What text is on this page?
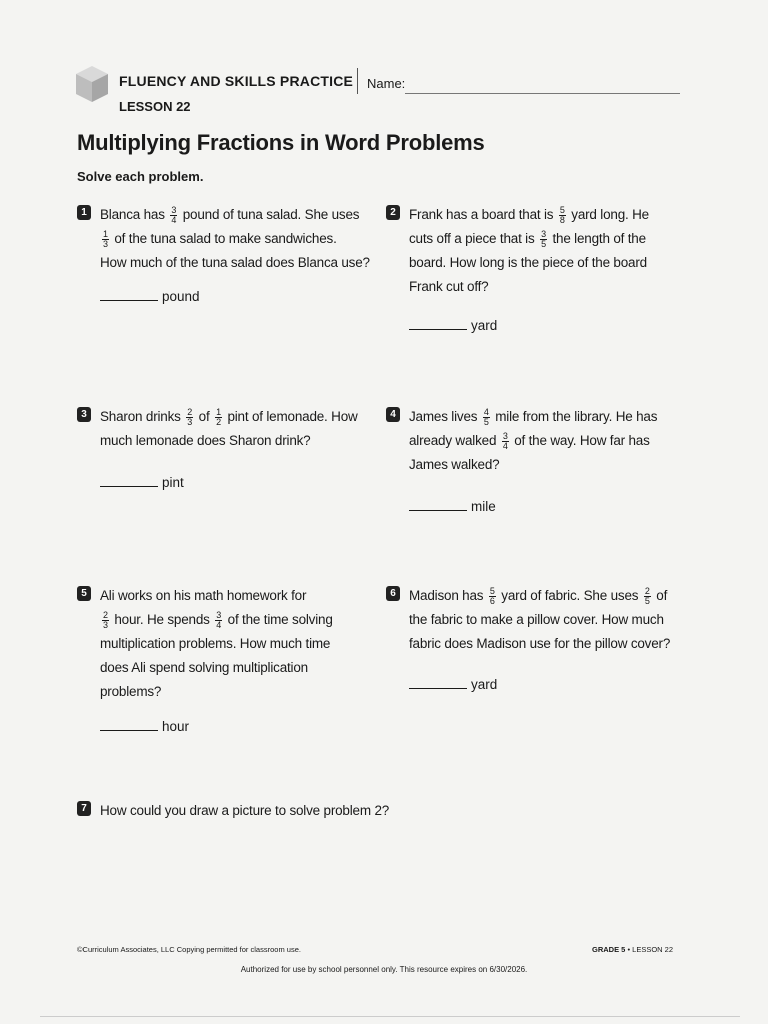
FLUENCY AND SKILLS PRACTICE Name:
LESSON 22
Multiplying Fractions in Word Problems
Solve each problem.
1 Blanca has $\frac{3}{4}$ pound of tuna salad. She uses
$\frac{1}{3}$ of the tuna salad to make sandwiches.
How much of the tuna salad does Blanca use?
pound
2 Frank has a board that is $\frac{5}{8}$ yard long. He
cuts off a piece that is $\frac{3}{5}$ the length of the
board. How long is the piece of the board
Frank cut off?
yard
3 Sharon drinks $\frac{2}{3}$ of $\frac{1}{2}$ pint of lemonade. How
much lemonade does Sharon drink?
pint
4 James lives $\frac{4}{5}$ mile from the library. He has
already walked $\frac{3}{4}$ of the way. How far has
James walked?
mile
5 Ali works on his math homework for
$\frac{2}{3}$ hour. He spends $\frac{3}{4}$ of the time solving
multiplication problems. How much time
does Ali spend solving multiplication
problems?
hour
6 Madison has $\frac{5}{6}$ yard of fabric. She uses $\frac{2}{5}$ of
the fabric to make a pillow cover. How much
fabric does Madison use for the pillow cover?
yard
7 How could you draw a picture to solve problem 2?
©Curriculum Associates, LLC Copying permitted for classroom use.	GRADE 5 • LESSON 22
Authorized for use by school personnel only. This resource expires on 6/30/2026.
